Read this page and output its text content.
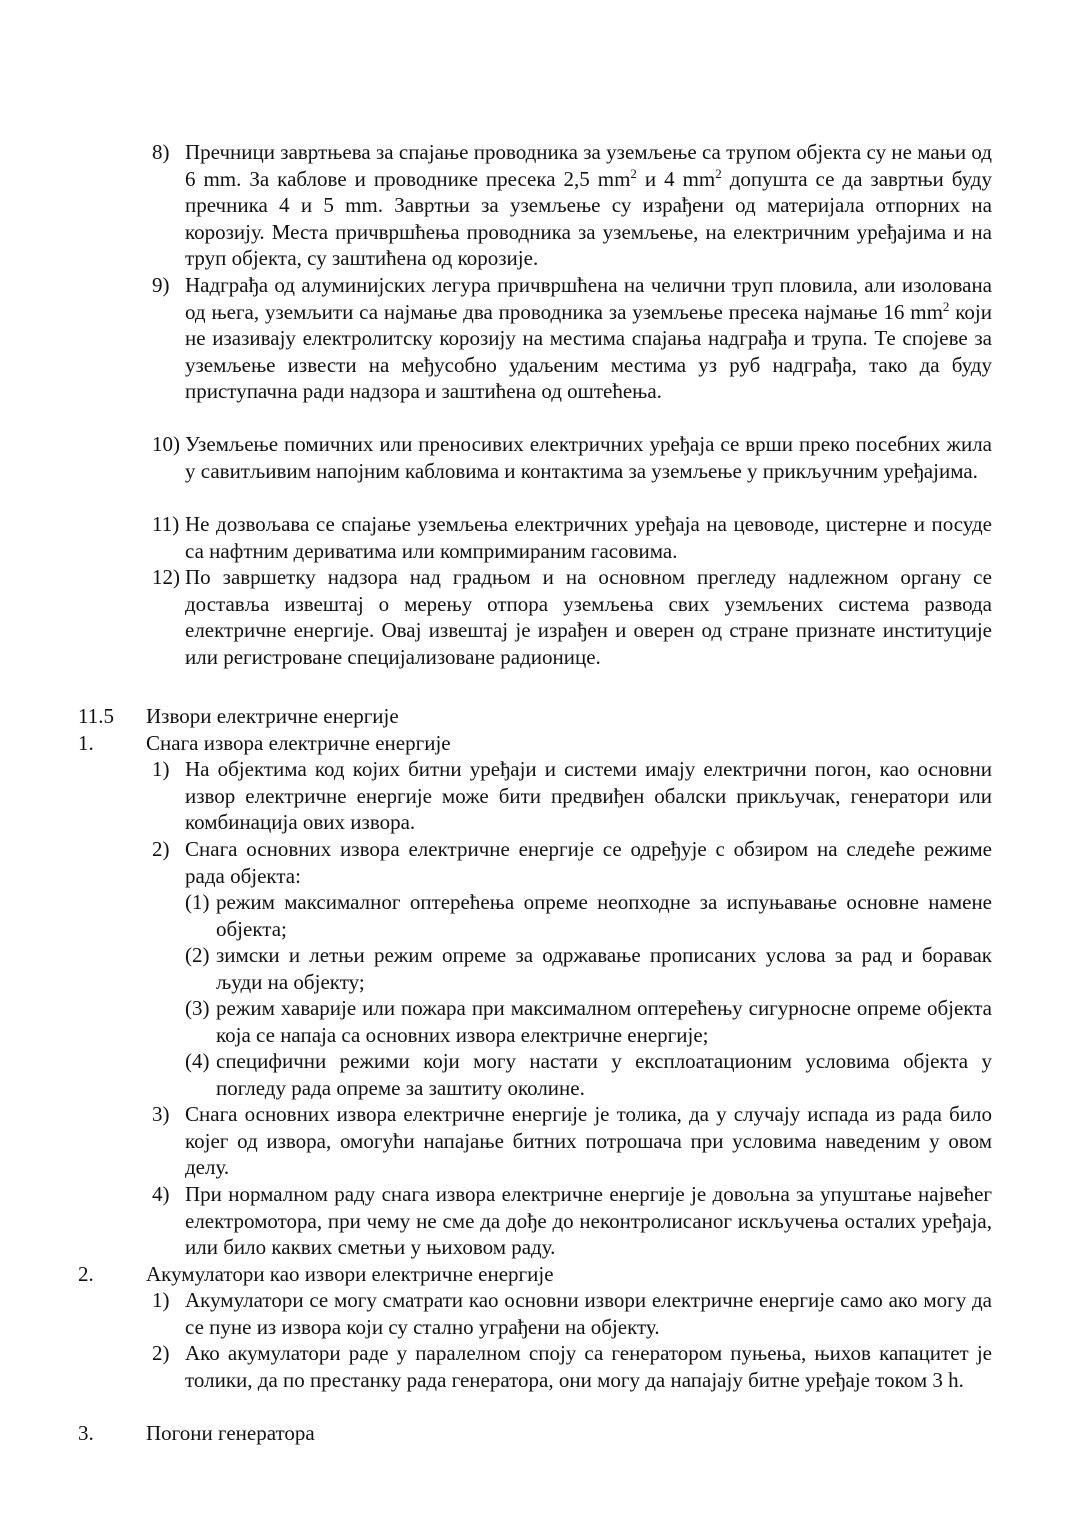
8) Пречници завртњева за спајање проводника за уземљење са трупом објекта су не мањи од 6 mm. За каблове и проводнике пресека 2,5 $mm^2$ и 4 $mm^2$ допушта се да завртњи буду пречника 4 и 5 mm. Завртњи за уземљење су израђени од материјала отпорних на корозију. Места причвршћења проводника за уземљење, на електричним уређајима и на труп објекта, су заштићена од корозије.
9) Надграђа од алуминијских легура причвршћена на челични труп пловила, али изолована од њега, уземљити са најмање два проводника за уземљење пресека најмање 16 $mm^2$ који не изазивају електролитску корозију на местима спајања надграђа и трупа. Те спојеве за уземљење извести на међусобно удаљеним местима уз руб надграђа, тако да буду приступачна ради надзора и заштићена од оштећења.
10) Уземљење помичних или преносивих електричних уређаја се врши преко посебних жила у савитљивим напојним кабловима и контактима за уземљење у прикључним уређајима.
11) Не дозвољава се спајање уземљења електричних уређаја на цевоводе, цистерне и посуде са нафтним дериватима или компримираним гасовима.
12) По завршетку надзора над градњом и на основном прегледу надлежном органу се доставља извештај о мерењу отпора уземљења свих уземљених система развода електричне енергије. Овај извештај је израђен и оверен од стране признате институције или регистроване специјализоване радионице.
11.5 Извори електричне енергије
1. Снага извора електричне енергије
1) На објектима код којих битни уређаји и системи имају електрични погон, као основни извор електричне енергије може бити предвиђен обалски прикључак, генератори или комбинација ових извора.
2) Снага основних извора електричне енергије се одређује с обзиром на следеће режиме рада објекта:
(1) режим максималног оптерећења опреме неопходне за испуњавање основне намене објекта;
(2) зимски и летњи режим опреме за одржавање прописаних услова за рад и боравак људи на објекту;
(3) режим хаварије или пожара при максималном оптерећењу сигурносне опреме објекта која се напаја са основних извора електричне енергије;
(4) специфични режими који могу настати у експлоатационим условима објекта у погледу рада опреме за заштиту околине.
3) Снага основних извора електричне енергије је толика, да у случају испада из рада било којег од извора, омогући напајање битних потрошача при условима наведеним у овом делу.
4) При нормалном раду снага извора електричне енергије је довољна за упуштање највећег електромотора, при чему не сме да дође до неконтролисаног искључења осталих уређаја, или било каквих сметњи у њиховом раду.
2. Акумулатори као извори електричне енергије
1) Акумулатори се могу сматрати као основни извори електричне енергије само ако могу да се пуне из извора који су стално уграђени на објекту.
2) Ако акумулатори раде у паралелном споју са генератором пуњења, њихов капацитет је толики, да по престанку рада генератора, они могу да напајају битне уређаје током 3 h.
3. Погони генератора
